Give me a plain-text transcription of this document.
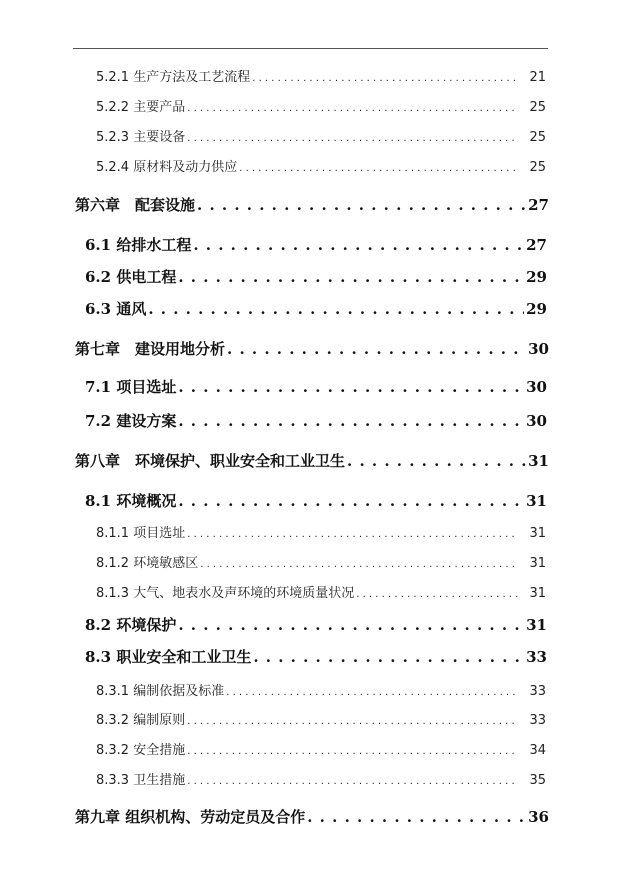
5.2.1 生产方法及工艺流程 . . .	21
5.2.2 主要产品 . . .	25
5.2.3 主要设备 . . .	25
5.2.4 原材料及动力供应 . . .	25
第六章　配套设施 . . .	27
6.1 给排水工程 . . .	27
6.2 供电工程 . . .	29
6.3 通风 . . .	29
第七章　建设用地分析 . . .	30
7.1 项目选址 . . .	30
7.2 建设方案 . . .	30
第八章　环境保护、职业安全和工业卫生 . . .	31
8.1 环境概况 . . .	31
8.1.1 项目选址 . . .	31
8.1.2 环境敏感区 . . .	31
8.1.3 大气、地表水及声环境的环境质量状况 . . .	31
8.2 环境保护 . . .	31
8.3 职业安全和工业卫生 . . .	33
8.3.1 编制依据及标准 . . .	33
8.3.2 编制原则 . . .	33
8.3.2 安全措施 . . .	34
8.3.3 卫生措施 . . .	35
第九章 组织机构、劳动定员及合作 . . .	36
